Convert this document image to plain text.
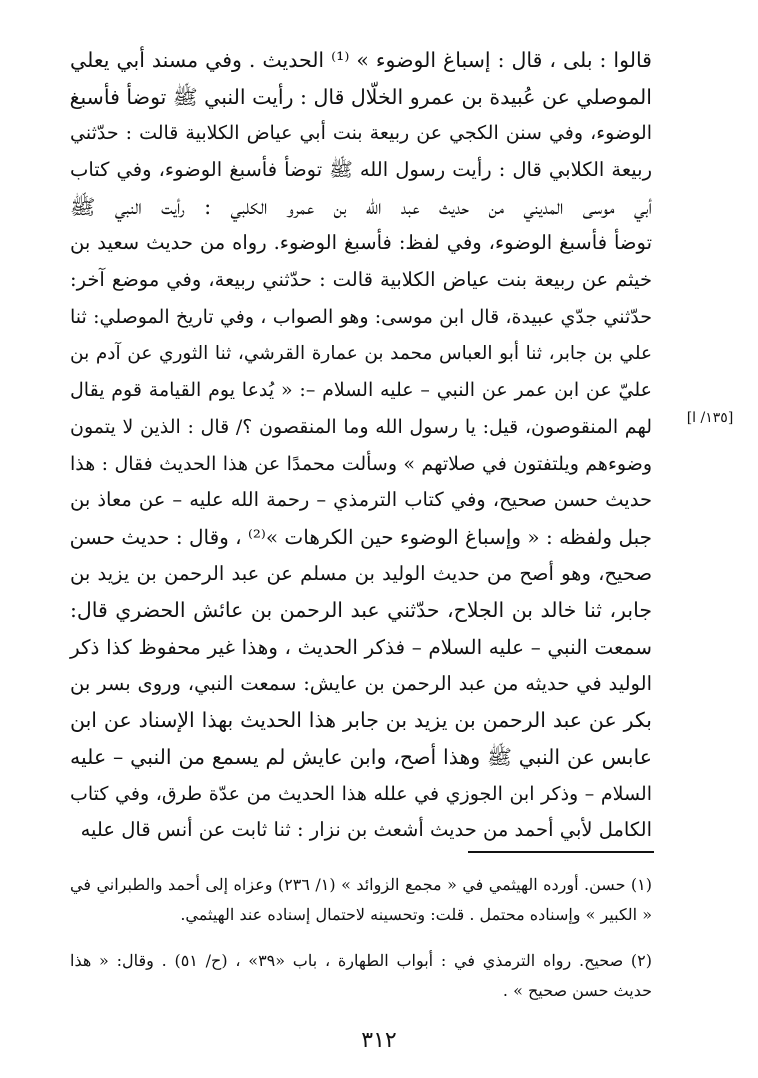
قالوا : بلى ، قال : إسباغ الوضوء » ⁽¹⁾ الحديث . وفي مسند أبي يعلي
الموصلي عن عُبيدة بن عمرو الخلّال قال : رأيت النبي ﷺ توضأ فأسبغ
الوضوء، وفي سنن الكجي عن ربيعة بنت أبي عياض الكلابية قالت : حدّثني
ربيعة الكلابي قال : رأيت رسول الله ﷺ توضأ فأسبغ الوضوء، وفي كتاب
أبي موسى المديني من حديث عبد الله بن عمرو الكلبي : رأيت النبي ﷺ
توضأ فأسبغ الوضوء، وفي لفظ: فأسبغ الوضوء. رواه من حديث سعيد بن
خيثم عن ربيعة بنت عياض الكلابية قالت : حدّثني ربيعة، وفي موضع آخر:
حدّثني جدّي عبيدة، قال ابن موسى: وهو الصواب ، وفي تاريخ الموصلي: ثنا
علي بن جابر، ثنا أبو العباس محمد بن عمارة القرشي، ثنا الثوري عن آدم بن
عليّ عن ابن عمر عن النبي – عليه السلام –: « يُدعا يوم القيامة قوم يقال
لهم المنقوصون، قيل: يا رسول الله وما المنقصون ؟/ قال : الذين لا يتمون
وضوءهم ويلتفتون في صلاتهم » وسألت محمدًا عن هذا الحديث فقال : هذا
حديث حسن صحيح، وفي كتاب الترمذي – رحمة الله عليه – عن معاذ بن
جبل ولفظه : « وإسباغ الوضوء حين الكرهات »⁽²⁾ ، وقال : حديث حسن
صحيح، وهو أصح من حديث الوليد بن مسلم عن عبد الرحمن بن يزيد بن
جابر، ثنا خالد بن الجلاح، حدّثني عبد الرحمن بن عائش الحضري قال:
سمعت النبي – عليه السلام – فذكر الحديث ، وهذا غير محفوظ كذا ذكر
الوليد في حديثه من عبد الرحمن بن عايش: سمعت النبي، وروى بسر بن
بكر عن عبد الرحمن بن يزيد بن جابر هذا الحديث بهذا الإسناد عن ابن
عابس عن النبي ﷺ وهذا أصح، وابن عايش لم يسمع من النبي – عليه
السلام – وذكر ابن الجوزي في علله هذا الحديث من عدّة طرق، وفي كتاب
الكامل لأبي أحمد من حديث أشعث بن نزار : ثنا ثابت عن أنس قال عليه
[١٣٥/ ا]
(١) حسن. أورده الهيثمي في « مجمع الزوائد » (١/ ٢٣٦) وعزاه إلى أحمد والطبراني في
« الكبير » وإسناده محتمل . قلت: وتحسينه لاحتمال إسناده عند الهيثمي.
(٢) صحيح. رواه الترمذي في : أبواب الطهارة ، باب «٣٩» ، (ح/ ٥١) . وقال: « هذا
حديث حسن صحيح » .
٣١٢
